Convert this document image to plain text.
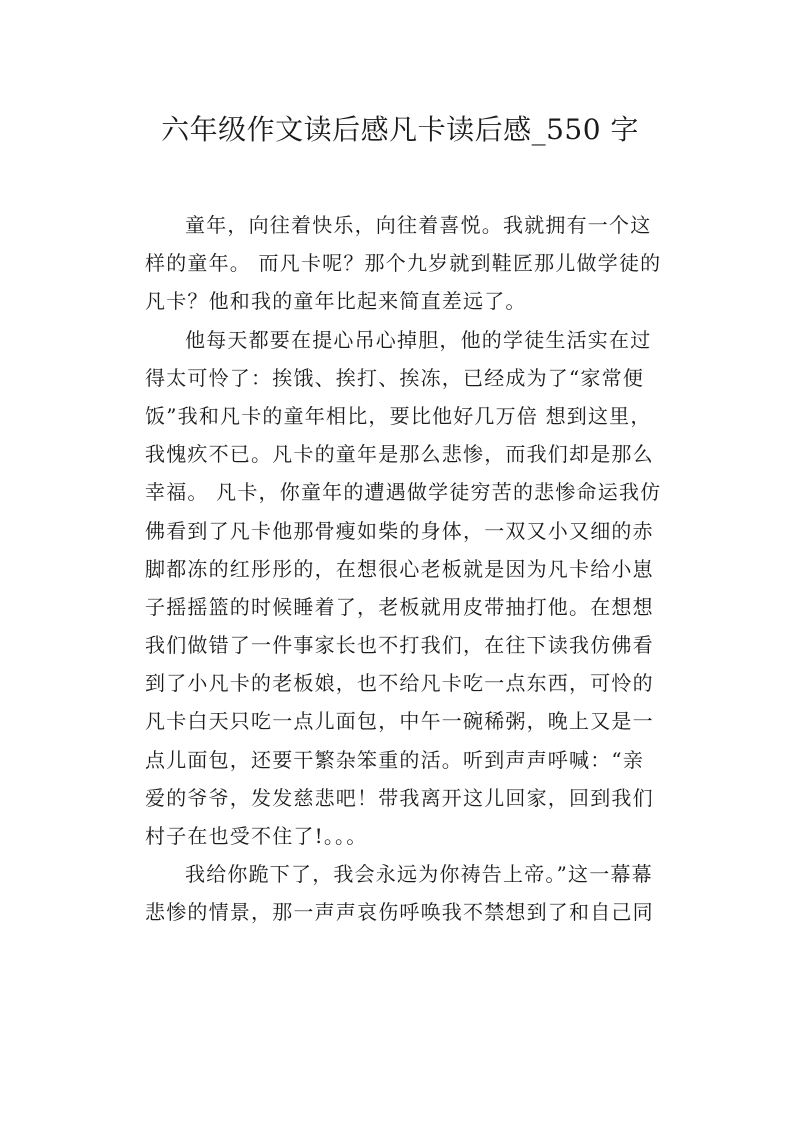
六年级作文读后感凡卡读后感_550 字
童年，向往着快乐，向往着喜悦。我就拥有一个这
样的童年。 而凡卡呢？那个九岁就到鞋匠那儿做学徒的
凡卡？他和我的童年比起来简直差远了。
他每天都要在提心吊心掉胆，他的学徒生活实在过
得太可怜了：挨饿、挨打、挨冻，已经成为了“家常便
饭”我和凡卡的童年相比，要比他好几万倍 想到这里，
我愧疚不已。凡卡的童年是那么悲惨，而我们却是那么
幸福。 凡卡，你童年的遭遇做学徒穷苦的悲惨命运我仿
佛看到了凡卡他那骨瘦如柴的身体，一双又小又细的赤
脚都冻的红彤彤的，在想很心老板就是因为凡卡给小崽
子摇摇篮的时候睡着了，老板就用皮带抽打他。在想想
我们做错了一件事家长也不打我们，在往下读我仿佛看
到了小凡卡的老板娘，也不给凡卡吃一点东西，可怜的
凡卡白天只吃一点儿面包，中午一碗稀粥，晚上又是一
点儿面包，还要干繁杂笨重的活。听到声声呼喊：“亲
爱的爷爷，发发慈悲吧！带我离开这儿回家，回到我们
村子在也受不住了!。。。
我给你跪下了，我会永远为你祷告上帝。”这一幕幕
悲惨的情景，那一声声哀伤呼唤我不禁想到了和自己同
